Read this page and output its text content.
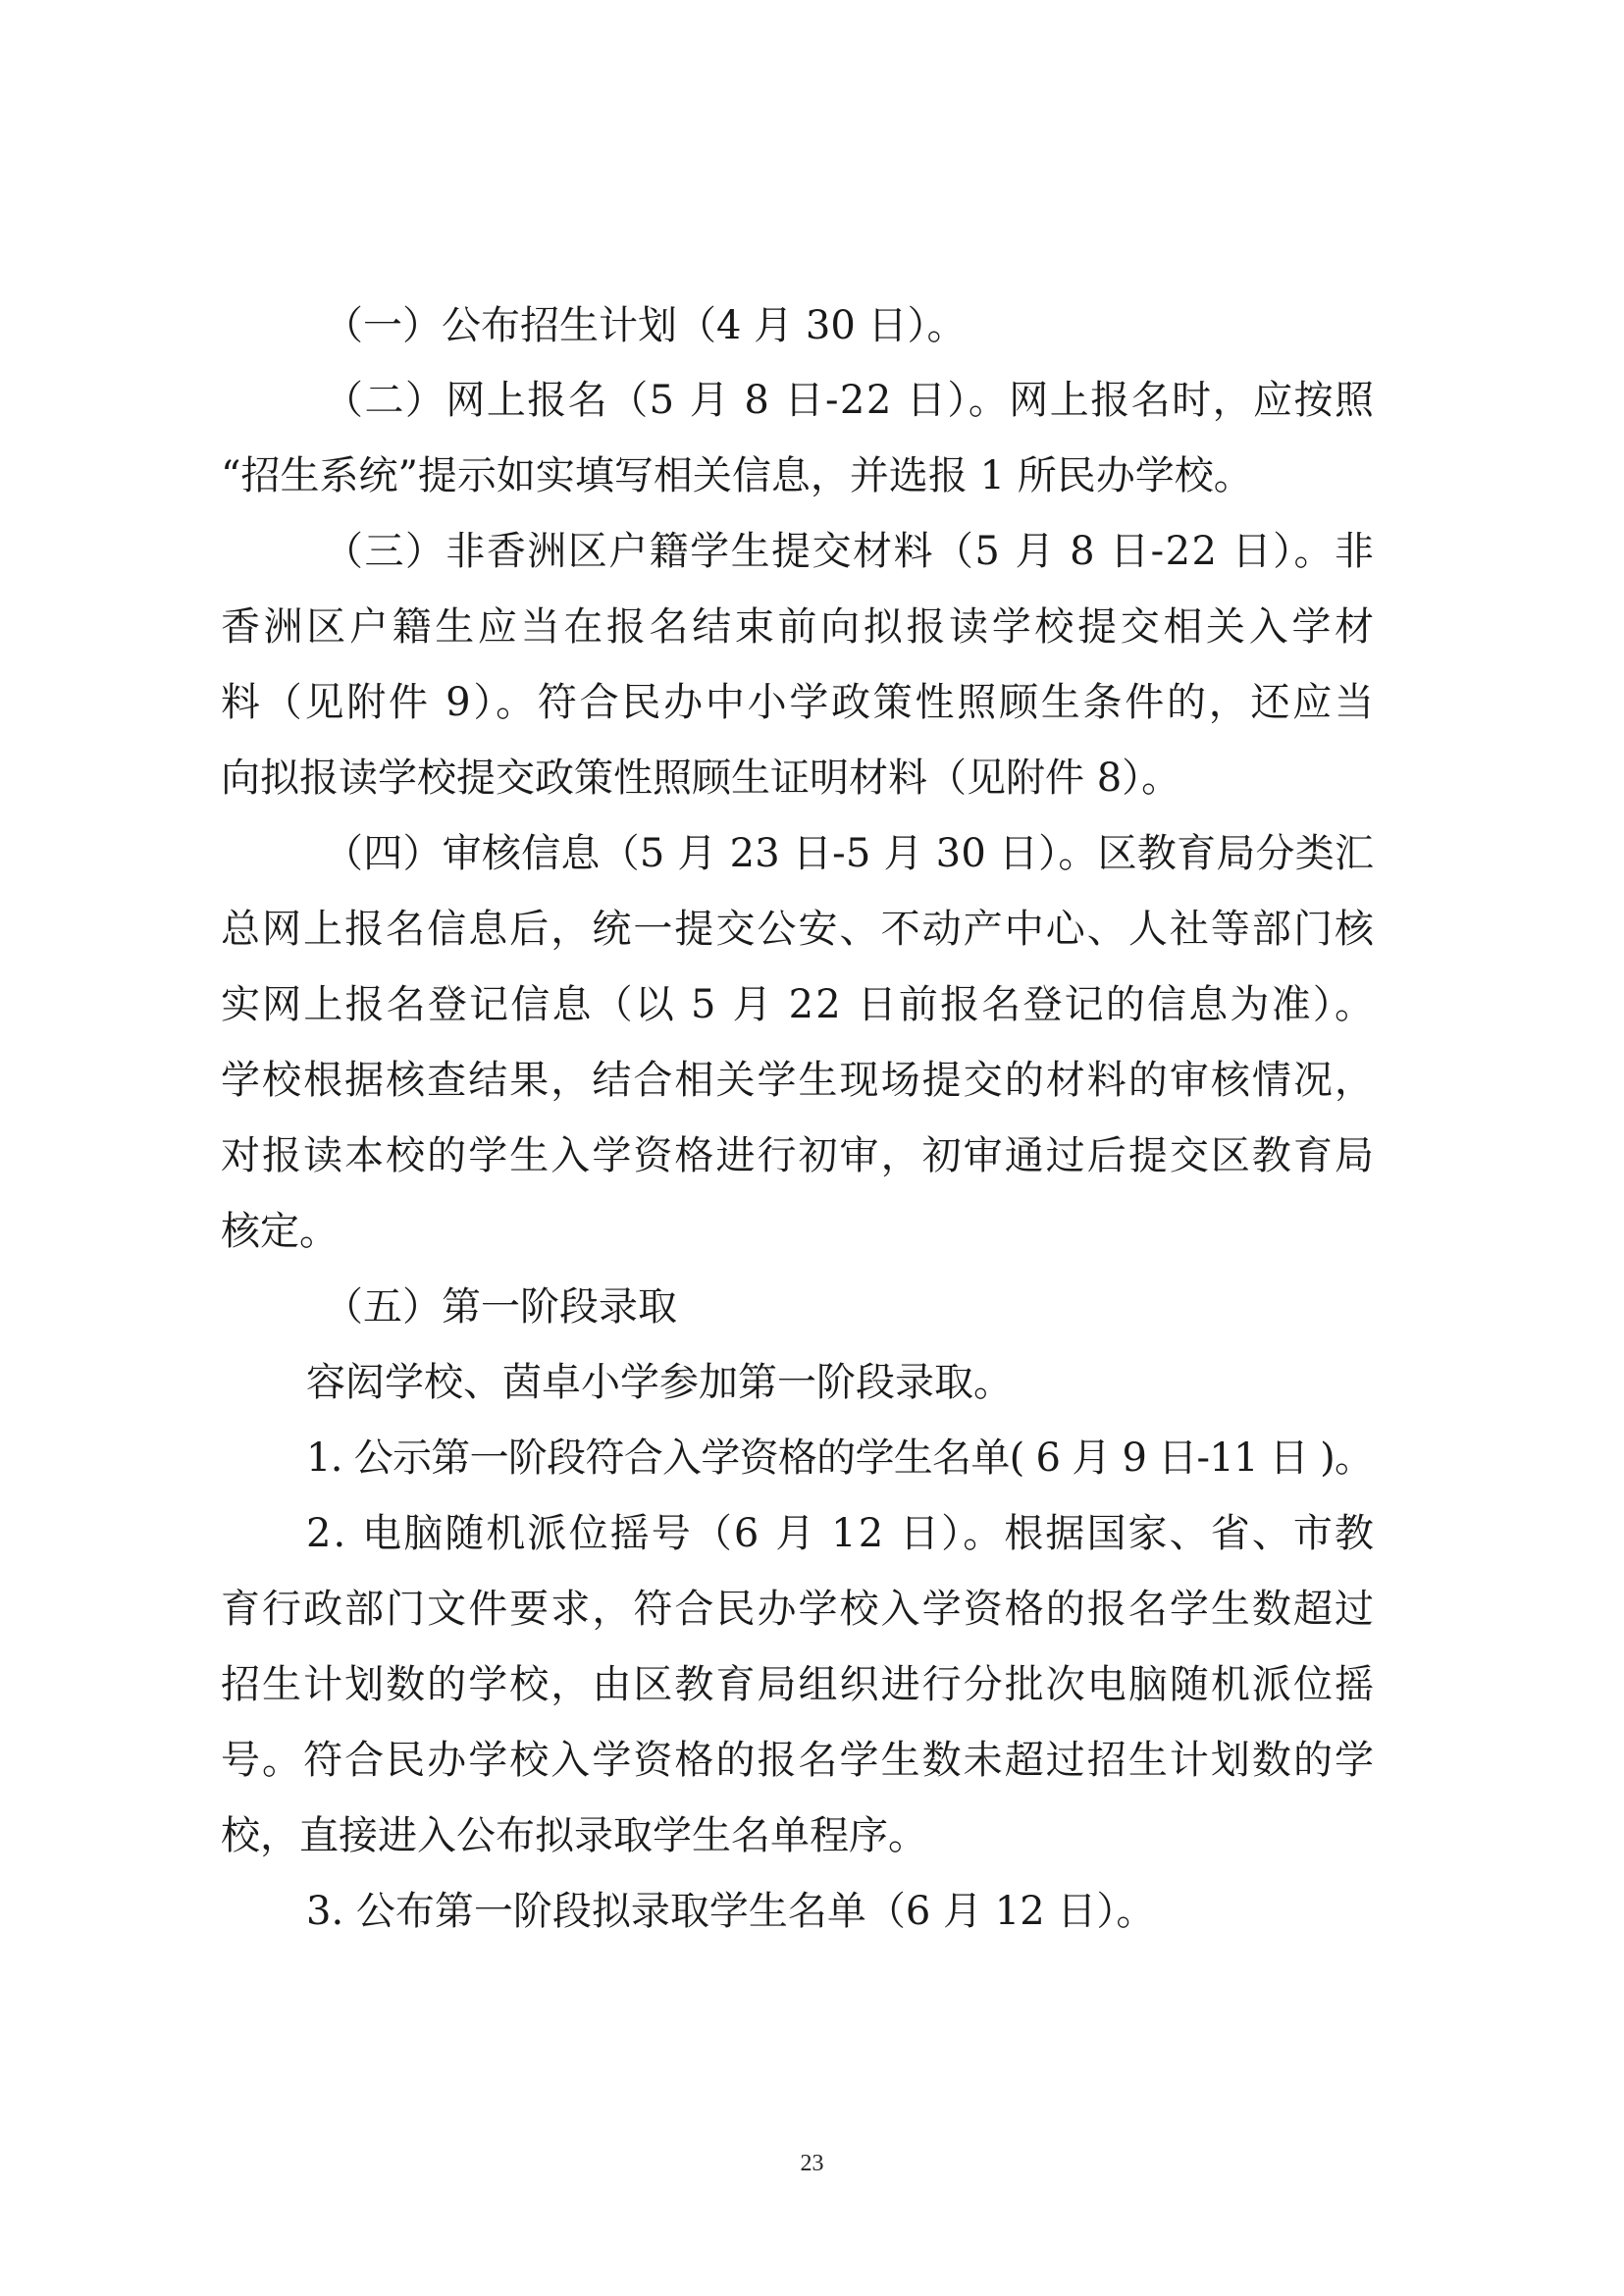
（一）公布招生计划（4 月 30 日）。
（二）网上报名（5 月 8 日-22 日）。网上报名时，应按照
“招生系统”提示如实填写相关信息，并选报 1 所民办学校。
（三）非香洲区户籍学生提交材料（5 月 8 日-22 日）。非
香洲区户籍生应当在报名结束前向拟报读学校提交相关入学材
料（见附件 9）。符合民办中小学政策性照顾生条件的，还应当
向拟报读学校提交政策性照顾生证明材料（见附件 8）。
（四）审核信息（5 月 23 日-5 月 30 日）。区教育局分类汇
总网上报名信息后，统一提交公安、不动产中心、人社等部门核
实网上报名登记信息（以 5 月 22 日前报名登记的信息为准）。
学校根据核查结果，结合相关学生现场提交的材料的审核情况，
对报读本校的学生入学资格进行初审，初审通过后提交区教育局
核定。
（五）第一阶段录取
容闳学校、茵卓小学参加第一阶段录取。
1. 公示第一阶段符合入学资格的学生名单( 6 月 9 日-11 日 )。
2. 电脑随机派位摇号（6 月 12 日）。根据国家、省、市教
育行政部门文件要求，符合民办学校入学资格的报名学生数超过
招生计划数的学校，由区教育局组织进行分批次电脑随机派位摇
号。符合民办学校入学资格的报名学生数未超过招生计划数的学
校，直接进入公布拟录取学生名单程序。
3. 公布第一阶段拟录取学生名单（6 月 12 日）。
23
